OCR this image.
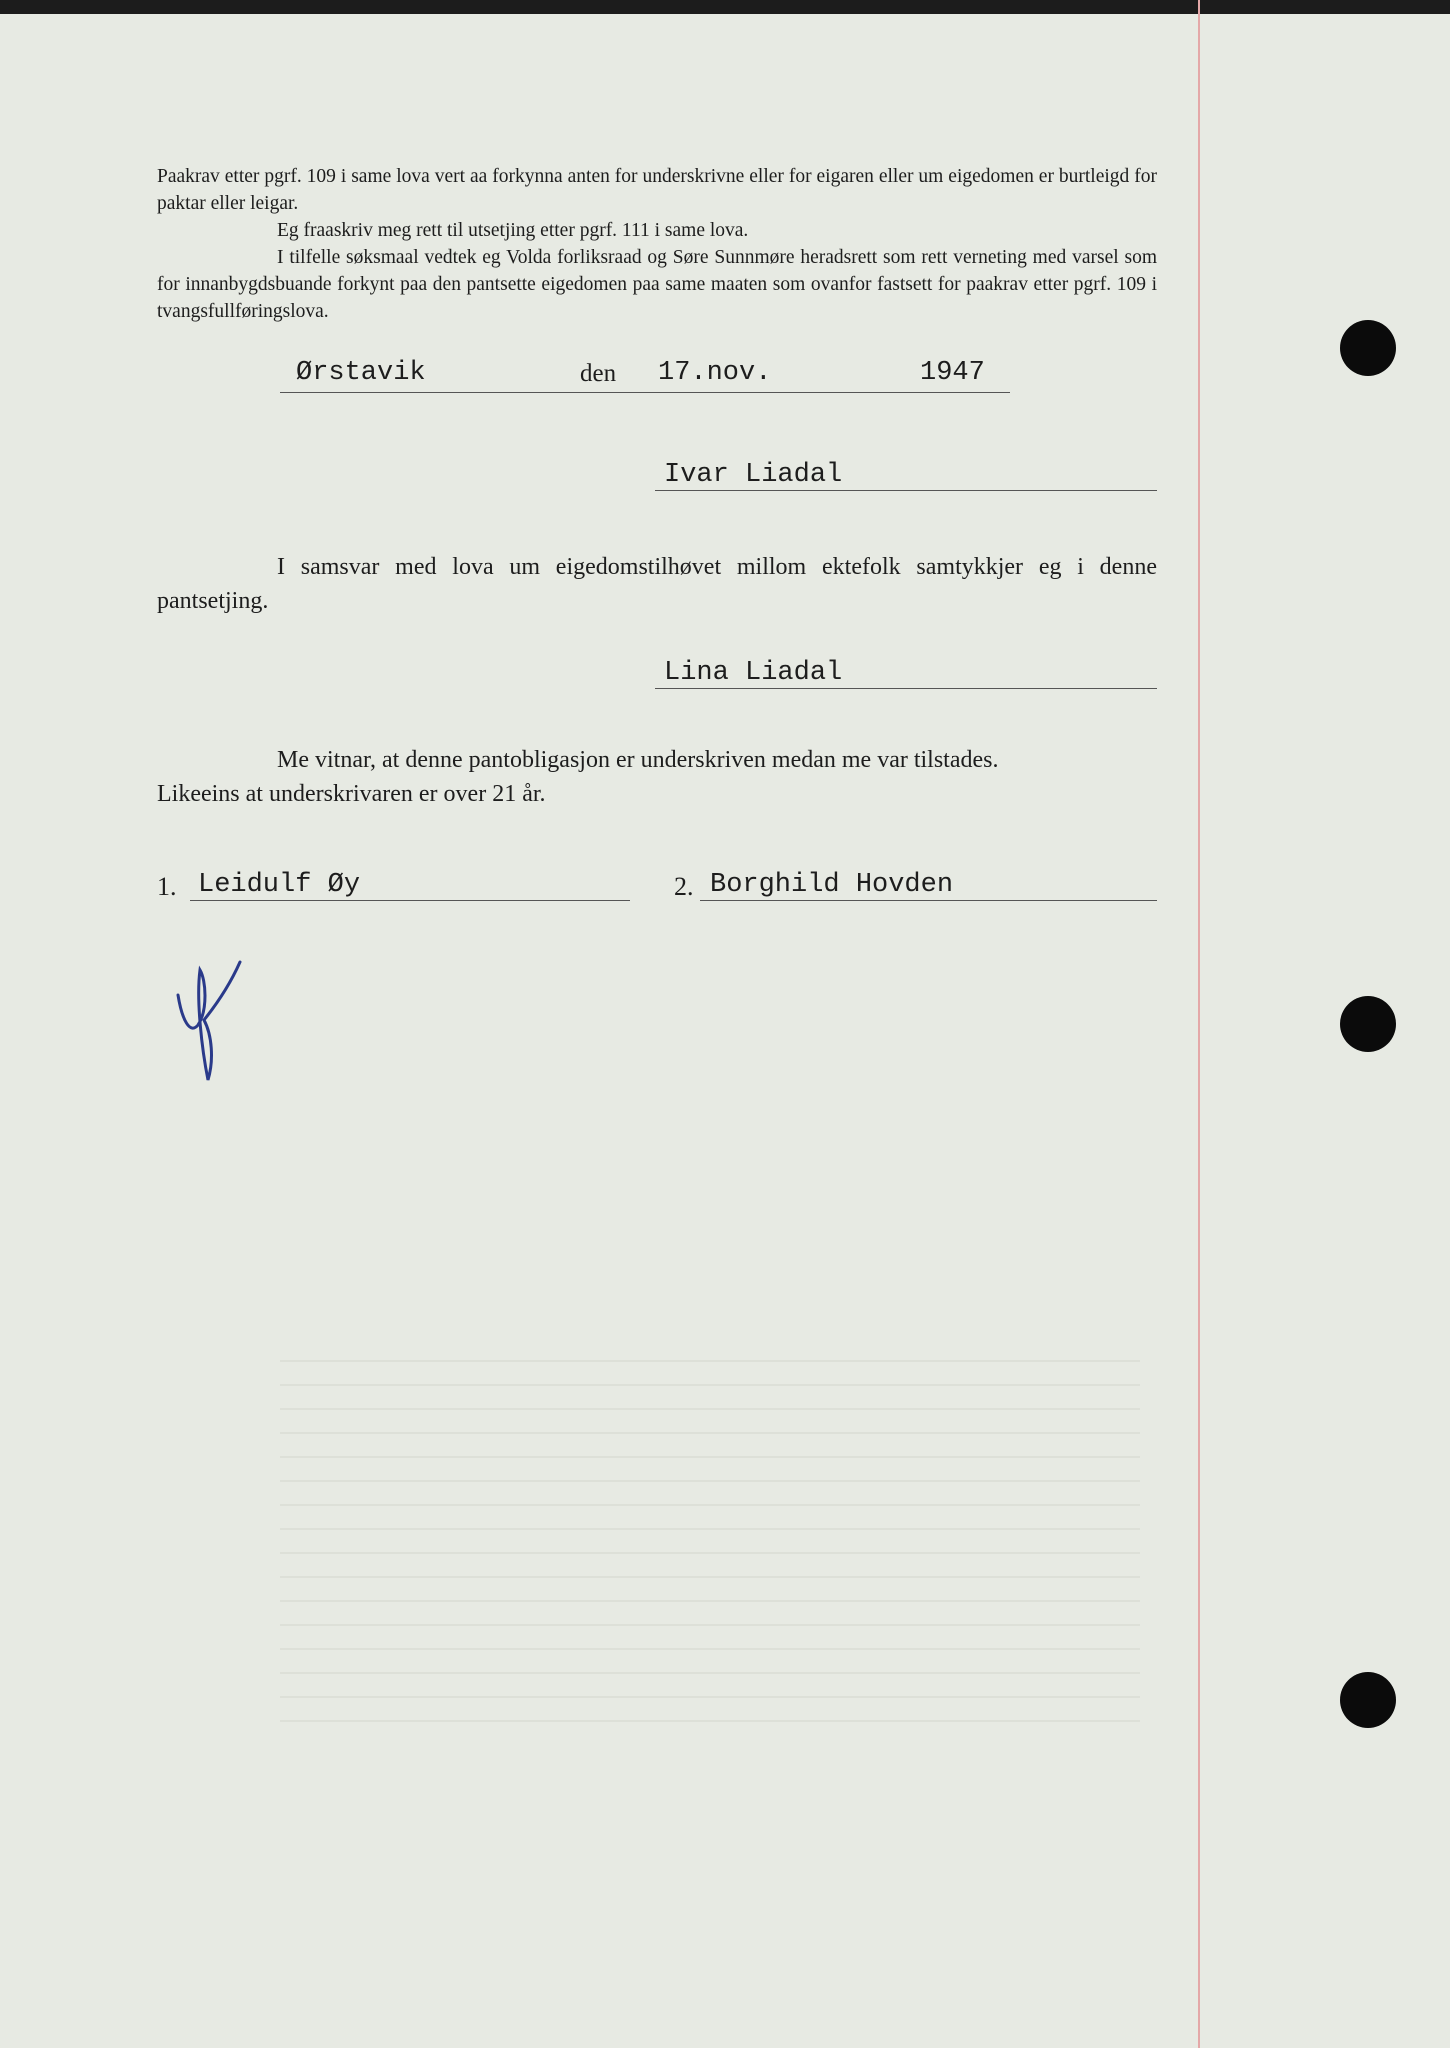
Paakrav etter pgrf. 109 i same lova vert aa forkynna anten for underskrivne eller for eigaren eller um eigedomen er burtleigd for paktar eller leigar.

Eg fraaskriv meg rett til utsetjing etter pgrf. 111 i same lova.

I tilfelle søksmaal vedtek eg Volda forliksraad og Søre Sunnmøre heradsrett som rett verneting med varsel som for innanbygdsbuande forkynt paa den pantsette eigedomen paa same maaten som ovanfor fastsett for paakrav etter pgrf. 109 i tvangsfullføringslova.

Ørstavik	den 17.nov.	1947
Ivar Liadal

I samsvar med lova um eigedomstilhøvet millom ektefolk samtykkjer eg i denne pantsetjing.

Lina Liadal

Me vitnar, at denne pantobligasjon er underskriven medan me var tilstades.

Likeeins at underskrivaren er over 21 år.

1. Leidulf Øy	2. Borghild Hovden
